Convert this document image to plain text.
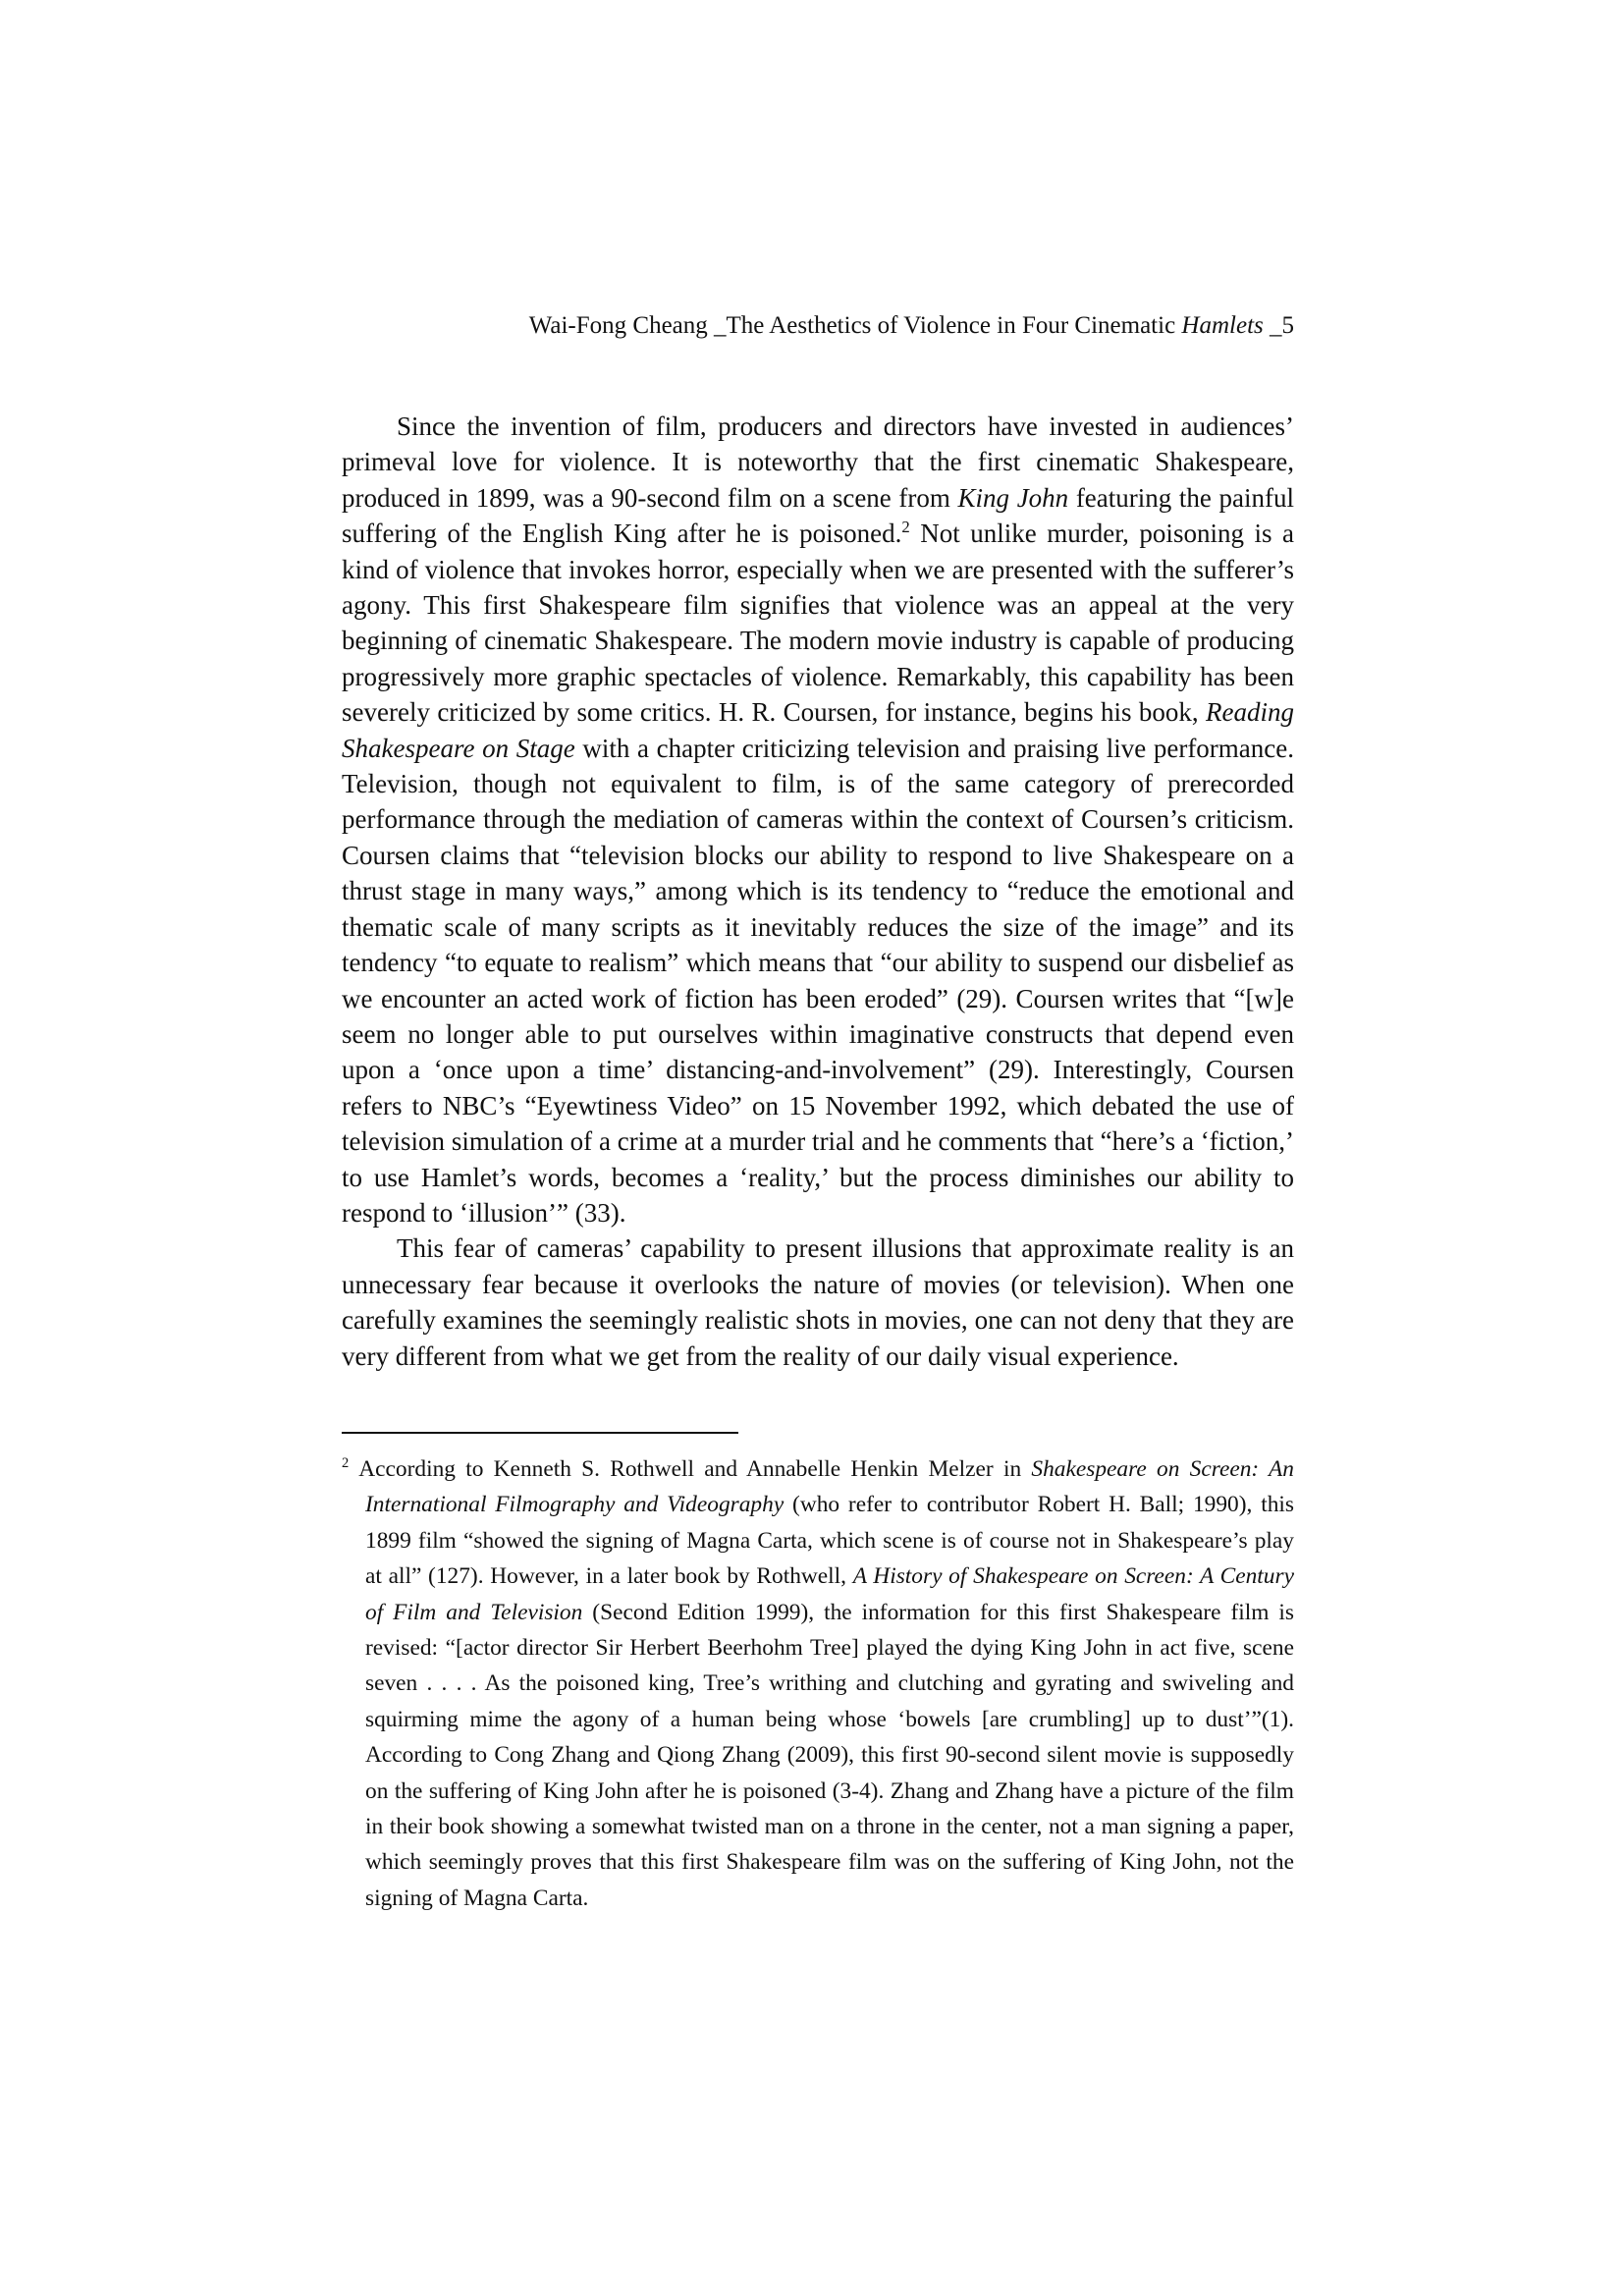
Wai-Fong Cheang _The Aesthetics of Violence in Four Cinematic Hamlets _5

Since the invention of film, producers and directors have invested in audiences’ primeval love for violence. It is noteworthy that the first cinematic Shakespeare, produced in 1899, was a 90-second film on a scene from King John featuring the painful suffering of the English King after he is poisoned.$^2$ Not unlike murder, poisoning is a kind of violence that invokes horror, especially when we are presented with the sufferer’s agony. This first Shakespeare film signifies that violence was an appeal at the very beginning of cinematic Shakespeare. The modern movie industry is capable of producing progressively more graphic spectacles of violence. Remarkably, this capability has been severely criticized by some critics. H. R. Coursen, for instance, begins his book, Reading Shakespeare on Stage with a chapter criticizing television and praising live performance. Television, though not equivalent to film, is of the same category of prerecorded performance through the mediation of cameras within the context of Coursen’s criticism. Coursen claims that “television blocks our ability to respond to live Shakespeare on a thrust stage in many ways,” among which is its tendency to “reduce the emotional and thematic scale of many scripts as it inevitably reduces the size of the image” and its tendency “to equate to realism” which means that “our ability to suspend our disbelief as we encounter an acted work of fiction has been eroded” (29). Coursen writes that “[w]e seem no longer able to put ourselves within imaginative constructs that depend even upon a ‘once upon a time’ distancing-and-involvement” (29). Interestingly, Coursen refers to NBC’s “Eyewtiness Video” on 15 November 1992, which debated the use of television simulation of a crime at a murder trial and he comments that “here’s a ‘fiction,’ to use Hamlet’s words, becomes a ‘reality,’ but the process diminishes our ability to respond to ‘illusion’” (33).

This fear of cameras’ capability to present illusions that approximate reality is an unnecessary fear because it overlooks the nature of movies (or television). When one carefully examines the seemingly realistic shots in movies, one can not deny that they are very different from what we get from the reality of our daily visual experience.

$^2$ According to Kenneth S. Rothwell and Annabelle Henkin Melzer in Shakespeare on Screen: An International Filmography and Videography (who refer to contributor Robert H. Ball; 1990), this 1899 film “showed the signing of Magna Carta, which scene is of course not in Shakespeare’s play at all” (127). However, in a later book by Rothwell, A History of Shakespeare on Screen: A Century of Film and Television (Second Edition 1999), the information for this first Shakespeare film is revised: “[actor director Sir Herbert Beerhohm Tree] played the dying King John in act five, scene seven . . . . As the poisoned king, Tree’s writhing and clutching and gyrating and swiveling and squirming mime the agony of a human being whose ‘bowels [are crumbling] up to dust’”(1). According to Cong Zhang and Qiong Zhang (2009), this first 90-second silent movie is supposedly on the suffering of King John after he is poisoned (3-4). Zhang and Zhang have a picture of the film in their book showing a somewhat twisted man on a throne in the center, not a man signing a paper, which seemingly proves that this first Shakespeare film was on the suffering of King John, not the signing of Magna Carta.
